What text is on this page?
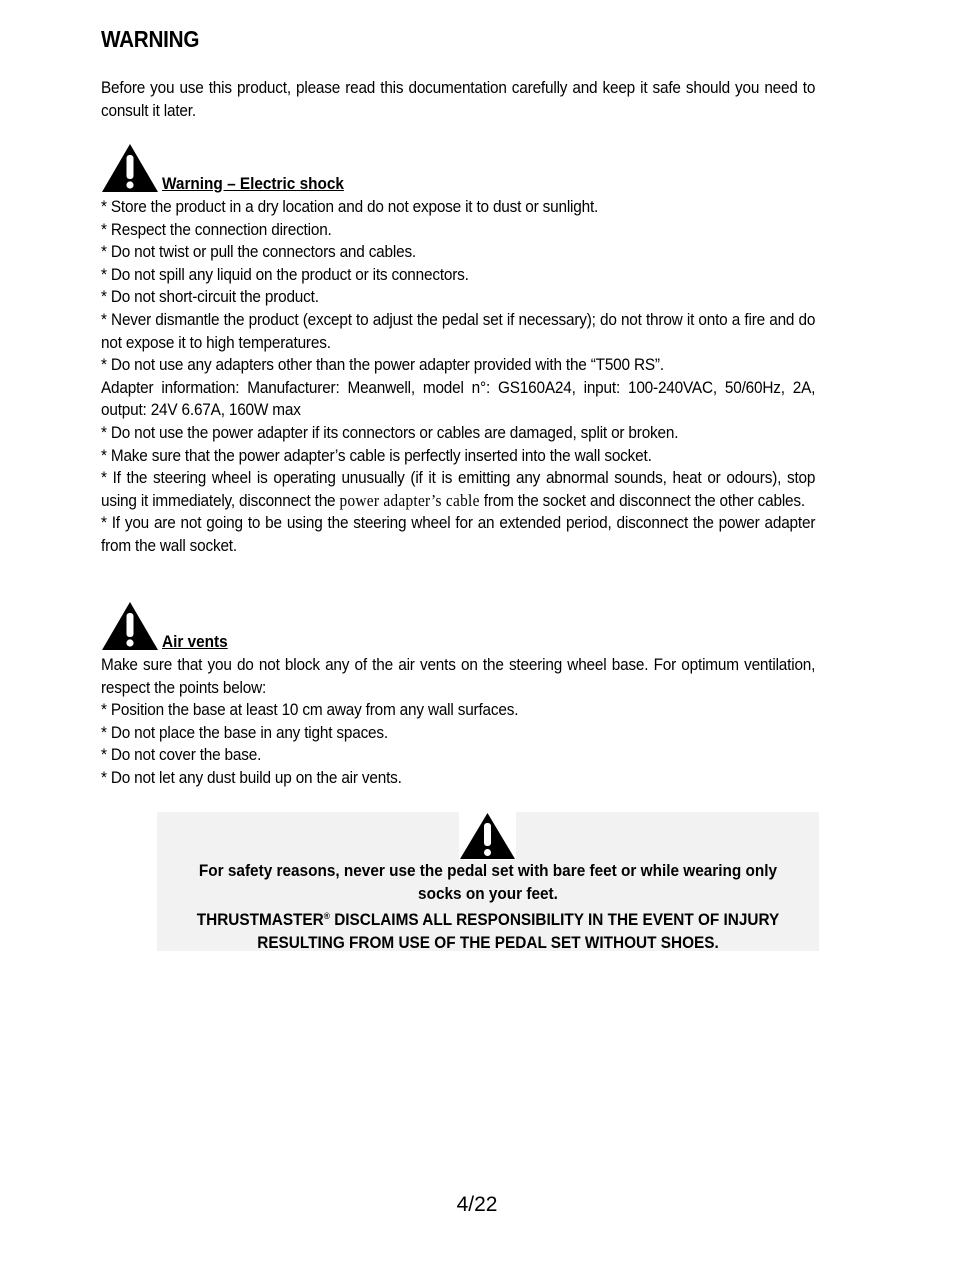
WARNING
Before you use this product, please read this documentation carefully and keep it safe should you need to consult it later.
Warning – Electric shock
* Store the product in a dry location and do not expose it to dust or sunlight.
* Respect the connection direction.
* Do not twist or pull the connectors and cables.
* Do not spill any liquid on the product or its connectors.
* Do not short-circuit the product.
* Never dismantle the product (except to adjust the pedal set if necessary); do not throw it onto a fire and do not expose it to high temperatures.
* Do not use any adapters other than the power adapter provided with the “T500 RS”.
Adapter information: Manufacturer: Meanwell, model n°: GS160A24, input: 100-240VAC, 50/60Hz, 2A, output: 24V 6.67A, 160W max
* Do not use the power adapter if its connectors or cables are damaged, split or broken.
* Make sure that the power adapter’s cable is perfectly inserted into the wall socket.
* If the steering wheel is operating unusually (if it is emitting any abnormal sounds, heat or odours), stop using it immediately, disconnect the power adapter’s cable from the socket and disconnect the other cables.
* If you are not going to be using the steering wheel for an extended period, disconnect the power adapter from the wall socket.
Air vents
Make sure that you do not block any of the air vents on the steering wheel base. For optimum ventilation, respect the points below:
* Position the base at least 10 cm away from any wall surfaces.
* Do not place the base in any tight spaces.
* Do not cover the base.
* Do not let any dust build up on the air vents.
For safety reasons, never use the pedal set with bare feet or while wearing only
socks on your feet.
THRUSTMASTER® DISCLAIMS ALL RESPONSIBILITY IN THE EVENT OF INJURY
RESULTING FROM USE OF THE PEDAL SET WITHOUT SHOES.
4/22
